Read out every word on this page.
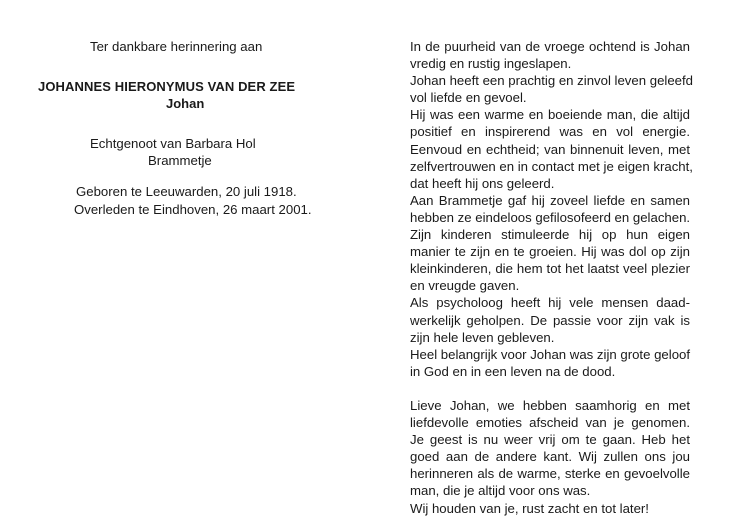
Ter dankbare herinnering aan
JOHANNES HIERONYMUS VAN DER ZEE
Johan
Echtgenoot van Barbara Hol
Brammetje
Geboren te Leeuwarden, 20 juli 1918.
Overleden te Eindhoven, 26 maart 2001.
In de puurheid van de vroege ochtend is Johan
vredig en rustig ingeslapen.
Johan heeft een prachtig en zinvol leven geleefd
vol liefde en gevoel.
Hij was een warme en boeiende man, die altijd
positief en inspirerend was en vol energie.
Eenvoud en echtheid; van binnenuit leven, met
zelfvertrouwen en in contact met je eigen kracht,
dat heeft hij ons geleerd.
Aan Brammetje gaf hij zoveel liefde en samen
hebben ze eindeloos gefilosofeerd en gelachen.
Zijn kinderen stimuleerde hij op hun eigen
manier te zijn en te groeien. Hij was dol op zijn
kleinkinderen, die hem tot het laatst veel plezier
en vreugde gaven.
Als psycholoog heeft hij vele mensen daad-
werkelijk geholpen. De passie voor zijn vak is
zijn hele leven gebleven.
Heel belangrijk voor Johan was zijn grote geloof
in God en in een leven na de dood.
Lieve Johan, we hebben saamhorig en met
liefdevolle emoties afscheid van je genomen.
Je geest is nu weer vrij om te gaan. Heb het
goed aan de andere kant. Wij zullen ons jou
herinneren als de warme, sterke en gevoelvolle
man, die je altijd voor ons was.
Wij houden van je, rust zacht en tot later!
